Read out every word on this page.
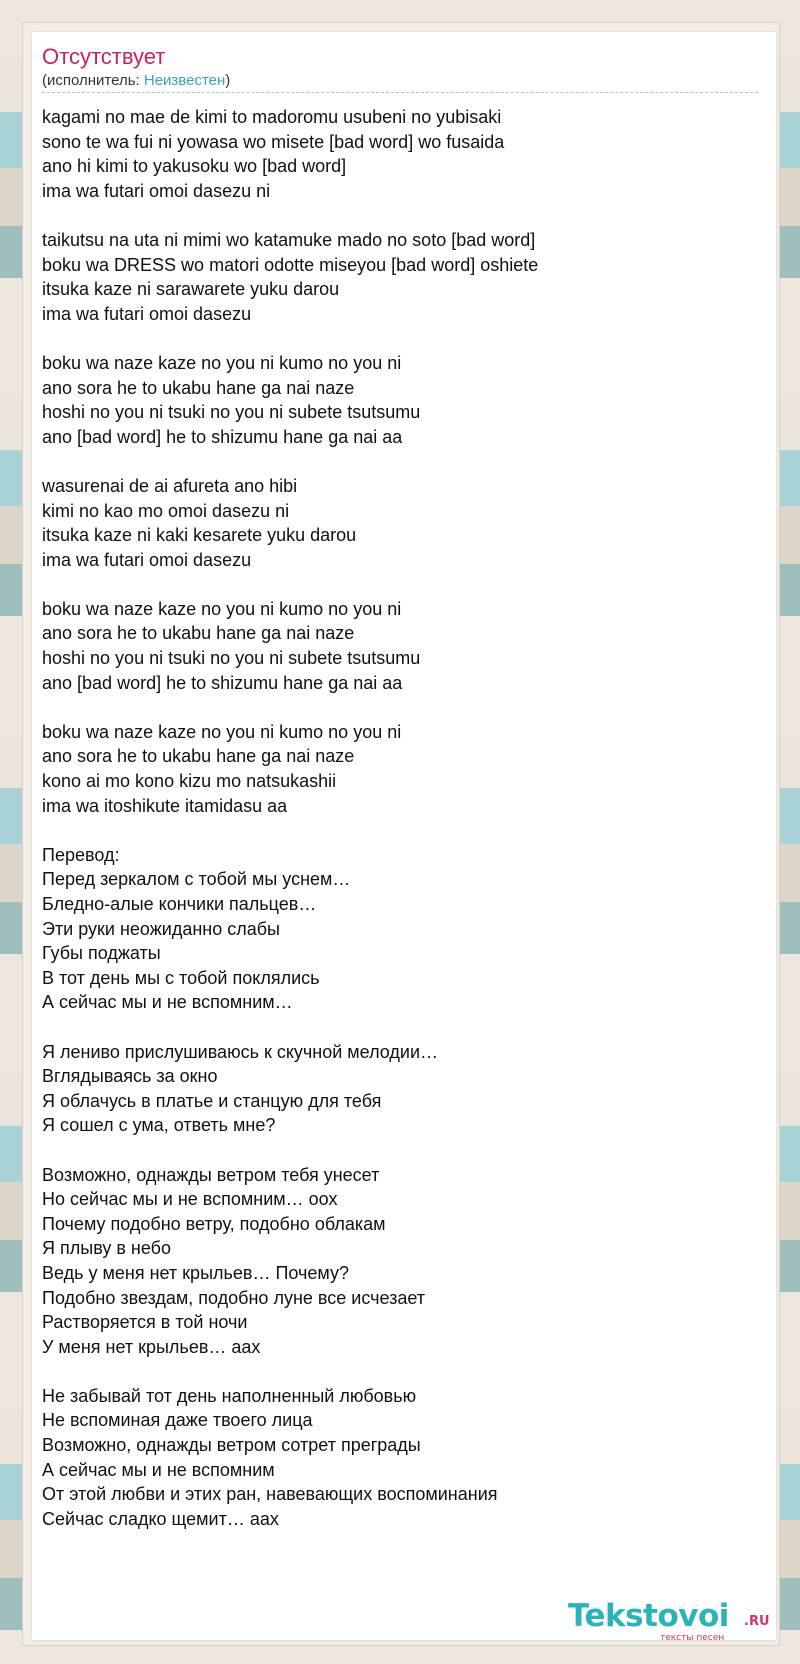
Отсутствует
(исполнитель: Неизвестен)
kagami no mae de kimi to madoromu usubeni no yubisaki
sono te wa fui ni yowasa wo misete [bad word] wo fusaida
ano hi kimi to yakusoku wo [bad word]
ima wa futari omoi dasezu ni
taikutsu na uta ni mimi wo katamuke mado no soto [bad word]
boku wa DRESS wo matori odotte miseyou [bad word] oshiete
itsuka kaze ni sarawarete yuku darou
ima wa futari omoi dasezu
boku wa naze kaze no you ni kumo no you ni
ano sora he to ukabu hane ga nai naze
hoshi no you ni tsuki no you ni subete tsutsumu
ano [bad word] he to shizumu hane ga nai aa
wasurenai de ai afureta ano hibi
kimi no kao mo omoi dasezu ni
itsuka kaze ni kaki kesarete yuku darou
ima wa futari omoi dasezu
boku wa naze kaze no you ni kumo no you ni
ano sora he to ukabu hane ga nai naze
hoshi no you ni tsuki no you ni subete tsutsumu
ano [bad word] he to shizumu hane ga nai aa
boku wa naze kaze no you ni kumo no you ni
ano sora he to ukabu hane ga nai naze
kono ai mo kono kizu mo natsukashii
ima wa itoshikute itamidasu aa
Перевод:
Перед зеркалом с тобой мы уснем…
Бледно-алые кончики пальцев…
Эти руки неожиданно слабы
Губы поджаты
В тот день мы с тобой поклялись
А сейчас мы и не вспомним…
Я лениво прислушиваюсь к скучной мелодии…
Вглядываясь за окно
Я облачусь в платье и станцую для тебя
Я сошел с ума, ответь мне?
Возможно, однажды ветром тебя унесет
Но сейчас мы и не вспомним… оох
Почему подобно ветру, подобно облакам
Я плыву в небо
Ведь у меня нет крыльев… Почему?
Подобно звездам, подобно луне все исчезает
Растворяется в той ночи
У меня нет крыльев… аах
Не забывай тот день наполненный любовью
Не вспоминая даже твоего лица
Возможно, однажды ветром сотрет преграды
А сейчас мы и не вспомним
От этой любви и этих ран, навевающих воспоминания
Сейчас сладко щемит… аах
Tekstovoi .RU
тексты песен
